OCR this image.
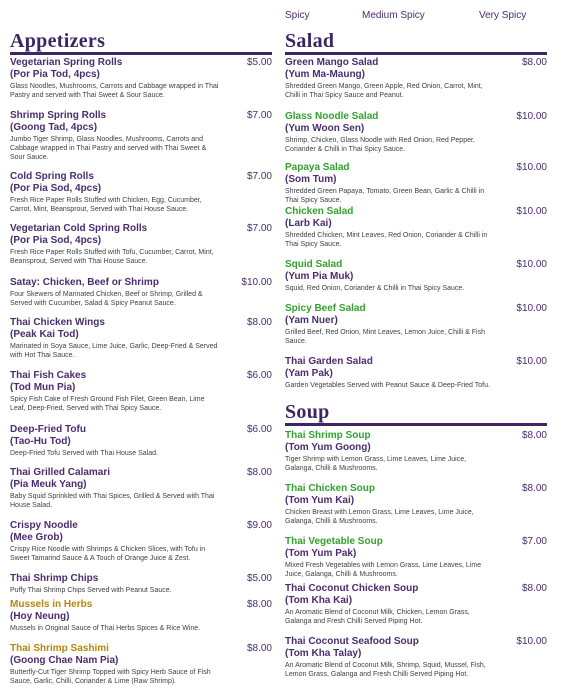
Spicy	Medium Spicy	Very Spicy
Appetizers
Vegetarian Spring Rolls
(Por Pia Tod, 4pcs)
Glass Noodles, Mushrooms, Carrots and Cabbage wrapped in Thai Pastry and served with Thai Sweet & Sour Sauce.
$5.00
Shrimp Spring Rolls
(Goong Tad, 4pcs)
Jumbo Tiger Shrimp, Glass Noodles, Mushrooms, Carrots and Cabbage wrapped in Thai Pastry and served with Thai Sweet & Sour Sauce.
$7.00
Cold Spring Rolls
(Por Pia Sod, 4pcs)
Fresh Rice Paper Rolls Stuffed with Chicken, Egg, Cucumber, Carrot, Mint, Beansprout, Served with Thai House Sauce.
$7.00
Vegetarian Cold Spring Rolls
(Por Pia Sod, 4pcs)
Fresh Rice Paper Rolls Stuffed with Tofu, Cucumber, Carrot, Mint, Beansprout, Served with Thai House Sauce.
$7.00
Satay: Chicken, Beef or Shrimp
Four Skewers of Marinated Chicken, Beef or Shrimp, Grilled & Served with Cucumber, Salad & Spicy Peanut Sauce.
$10.00
Thai Chicken Wings
(Peak Kai Tod)
Marinated in Soya Sauce, Lime Juice, Garlic, Deep-Fried & Served with Hot Thai Sauce.
$8.00
Thai Fish Cakes
(Tod Mun Pia)
Spicy Fish Cake of Fresh Ground Fish Filet, Green Bean, Lime Leaf, Deep-Fried, Served with Thai Spicy Sauce.
$6.00
Deep-Fried Tofu
(Tao-Hu Tod)
Deep-Fried Tofu Served with Thai House Salad.
$6.00
Thai Grilled Calamari
(Pia Meuk Yang)
Baby Squid Sprinkled with Thai Spices, Grilled & Served with Thai House Salad.
$8.00
Crispy Noodle
(Mee Grob)
Crispy Rice Noodle with Shrimps & Chicken Slices, with Tofu in Sweet Tamarind Sauce & A Touch of Orange Juice & Zest.
$9.00
Thai Shrimp Chips
Puffy Thai Shrimp Chips Served with Peanut Sauce.
$5.00
Mussels in Herbs
(Hoy Neung)
Mussels in Original Sauce of Thai Herbs Spices & Rice Wine.
$8.00
Thai Shrimp Sashimi
(Goong Chae Nam Pia)
Butterfly-Cut Tiger Shrimp Topped with Spicy Herb Sauce of Fish Sauce, Garlic, Chilli, Coriander & Lime (Raw Shrimp).
$8.00
Salad
Green Mango Salad
(Yum Ma-Maung)
Shredded Green Mango, Green Apple, Red Onion, Carrot, Mint, Chilli in Thai Spicy Sauce and Peanut.
$8.00
Glass Noodle Salad
(Yum Woon Sen)
Shrimp, Chicken, Glass Noodle with Red Onion, Red Pepper, Coriander & Chilli in Thai Spicy Sauce.
$10.00
Papaya Salad
(Som Tum)
Shredded Green Papaya, Tomato, Green Bean, Garlic & Chilli in Thai Spicy Sauce.
$10.00
Chicken Salad
(Larb Kai)
Shredded Chicken, Mint Leaves, Red Onion, Coriander & Chilli in Thai Spicy Sauce.
$10.00
Squid Salad
(Yum Pia Muk)
Squid, Red Onion, Coriander & Chilli in Thai Spicy Sauce.
$10.00
Spicy Beef Salad
(Yam Nuer)
Grilled Beef, Red Onion, Mint Leaves, Lemon Juice, Chilli & Fish Sauce.
$10.00
Thai Garden Salad
(Yam Pak)
Garden Vegetables Served with Peanut Sauce & Deep-Fried Tofu.
$10.00
Soup
Thai Shrimp Soup
(Tom Yum Goong)
Tiger Shrimp with Lemon Grass, Lime Leaves, Lime Juice, Galanga, Chilli & Mushrooms.
$8.00
Thai Chicken Soup
(Tom Yum Kai)
Chicken Breast with Lemon Grass, Lime Leaves, Lime Juice, Galanga, Chilli & Mushrooms.
$8.00
Thai Vegetable Soup
(Tom Yum Pak)
Mixed Fresh Vegetables with Lemon Grass, Lime Leaves, Lime Juice, Galanga, Chilli & Mushrooms.
$7.00
Thai Coconut Chicken Soup
(Tom Kha Kai)
An Aromatic Blend of Coconut Milk, Chicken, Lemon Grass, Galanga and Fresh Chilli Served Piping Hot.
$8.00
Thai Coconut Seafood Soup
(Tom Kha Talay)
An Aromatic Blend of Coconut Milk, Shrimp, Squid, Mussel, Fish, Lemon Grass, Galanga and Fresh Chilli Served Piping Hot.
$10.00
